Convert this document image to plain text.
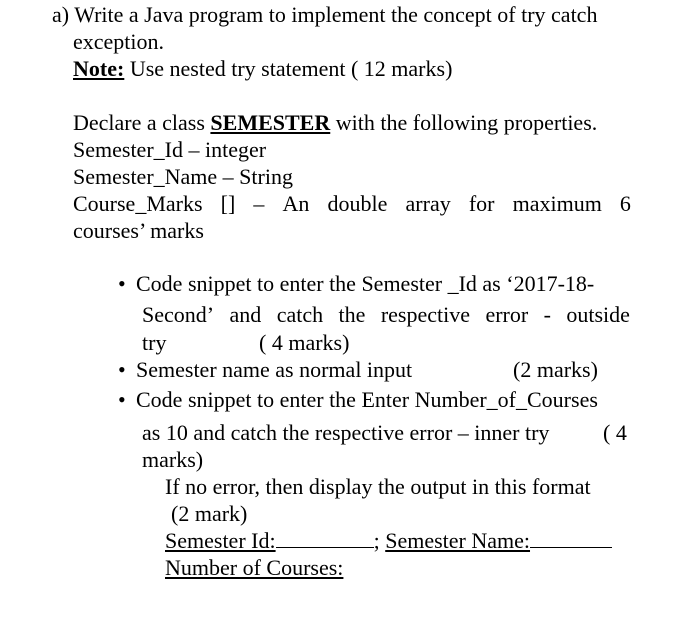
a) Write a Java program to implement the concept of try catch
exception.
Note: Use nested try statement ( 12 marks)
Declare a class SEMESTER with the following properties.
Semester_Id – integer
Semester_Name – String
Course_Marks [] – An double array for maximum 6
courses’ marks
• Code snippet to enter the Semester _Id as ‘2017-18-
Second’ and catch the respective error - outside
try	( 4 marks)
• Semester name as normal input	(2 marks)
• Code snippet to enter the Enter Number_of_Courses
as 10 and catch the respective error – inner try ( 4
marks)
If no error, then display the output in this format
(2 mark)
Semester Id:	; Semester Name:
Number of Courses:
